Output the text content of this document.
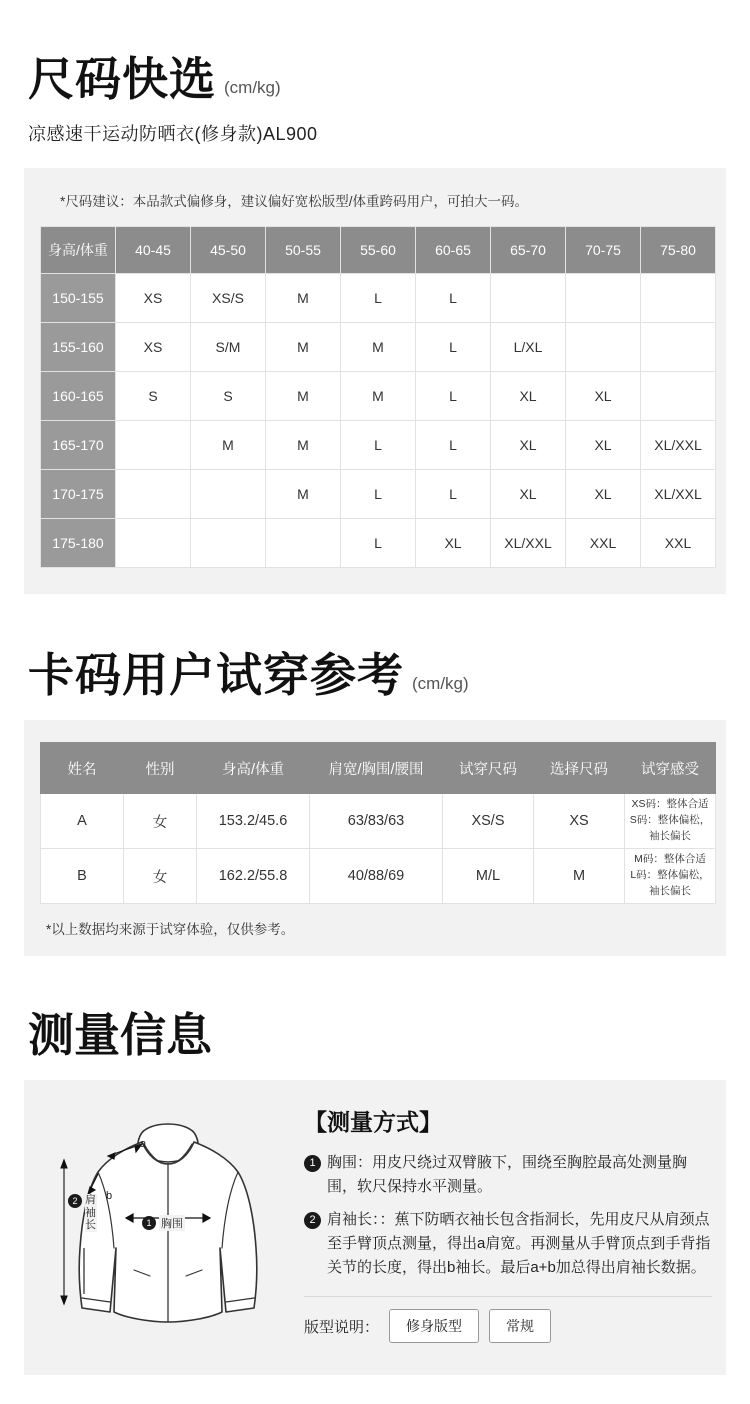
尺码快选 (cm/kg)
凉感速干运动防晒衣(修身款)AL900
*尺码建议：本品款式偏修身，建议偏好宽松版型/体重跨码用户，可拍大一码。
身高/体重	40-45	45-50	50-55	55-60	60-65	65-70	70-75	75-80
150-155	XS	XS/S	M	L	L			
155-160	XS	S/M	M	M	L	L/XL		
160-165	S	S	M	M	L	XL	XL	
165-170		M	M	L	L	XL	XL	XL/XXL
170-175			M	L	L	XL	XL	XL/XXL
175-180				L	XL	XL/XXL	XXL	XXL
卡码用户试穿参考 (cm/kg)
姓名	性别	身高/体重	肩宽/胸围/腰围	试穿尺码	选择尺码	试穿感受
A	女	153.2/45.6	63/83/63	XS/S	XS	XS码：整体合适
S码：整体偏松，袖长偏长

B	女	162.2/55.8	40/88/69	M/L	M	M码：整体合适
L码：整体偏松，袖长偏长
*以上数据均来源于试穿体验，仅供参考。
测量信息
1 胸围
a
b
2 肩袖长
【测量方式】
1 胸围：用皮尺绕过双臂腋下，围绕至胸腔最高处测量胸围，软尺保持水平测量。
2 肩袖长：：蕉下防晒衣袖长包含指洞长，先用皮尺从肩颈点至手臂顶点测量，得出a肩宽。再测量从手臂顶点到手背指关节的长度，得出b袖长。最后a+b加总得出肩袖长数据。
版型说明：	修身版型	常规
